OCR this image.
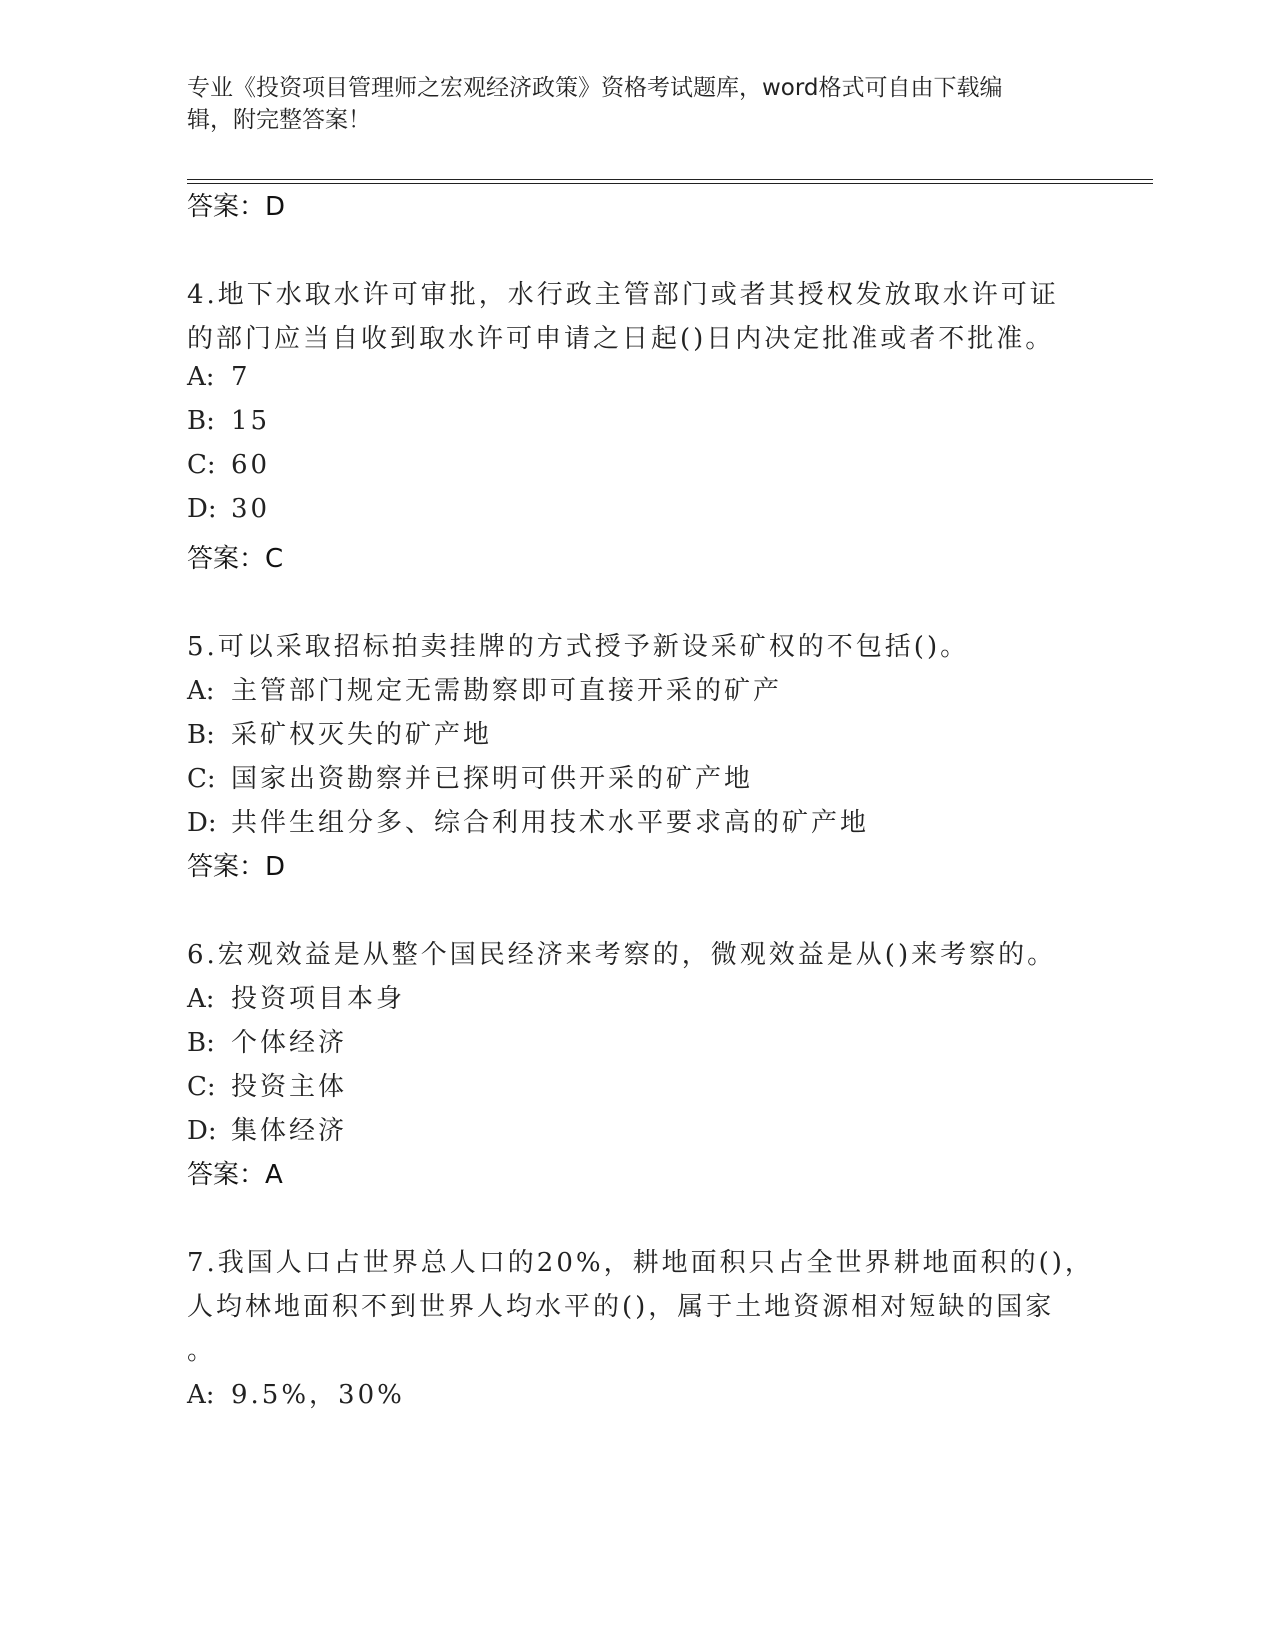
专业《投资项目管理师之宏观经济政策》资格考试题库，word格式可自由下载编
辑，附完整答案！
答案：D
4.地下水取水许可审批，水行政主管部门或者其授权发放取水许可证
的部门应当自收到取水许可申请之日起()日内决定批准或者不批准。
A: 7
B: 15
C: 60
D: 30
答案：C
5.可以采取招标拍卖挂牌的方式授予新设采矿权的不包括()。
A: 主管部门规定无需勘察即可直接开采的矿产
B: 采矿权灭失的矿产地
C: 国家出资勘察并已探明可供开采的矿产地
D: 共伴生组分多、综合利用技术水平要求高的矿产地
答案：D
6.宏观效益是从整个国民经济来考察的，微观效益是从()来考察的。
A: 投资项目本身
B: 个体经济
C: 投资主体
D: 集体经济
答案：A
7.我国人口占世界总人口的20%，耕地面积只占全世界耕地面积的()，
人均林地面积不到世界人均水平的()，属于土地资源相对短缺的国家
。
A: 9.5%，30%
